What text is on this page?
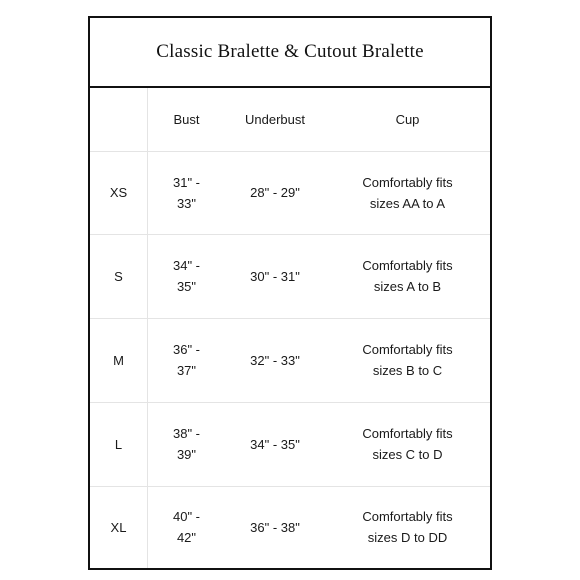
Classic Bralette & Cutout Bralette
Bust	Underbust	Cup
XS
31" - 33"
28" - 29"
Comfortably fits sizes AA to A
S
34" - 35"
30" - 31"
Comfortably fits sizes A to B
M
36" - 37"
32" - 33"
Comfortably fits sizes B to C
L
38" - 39"
34" - 35"
Comfortably fits sizes C to D
XL
40" - 42"
36" - 38"
Comfortably fits sizes D to DD
